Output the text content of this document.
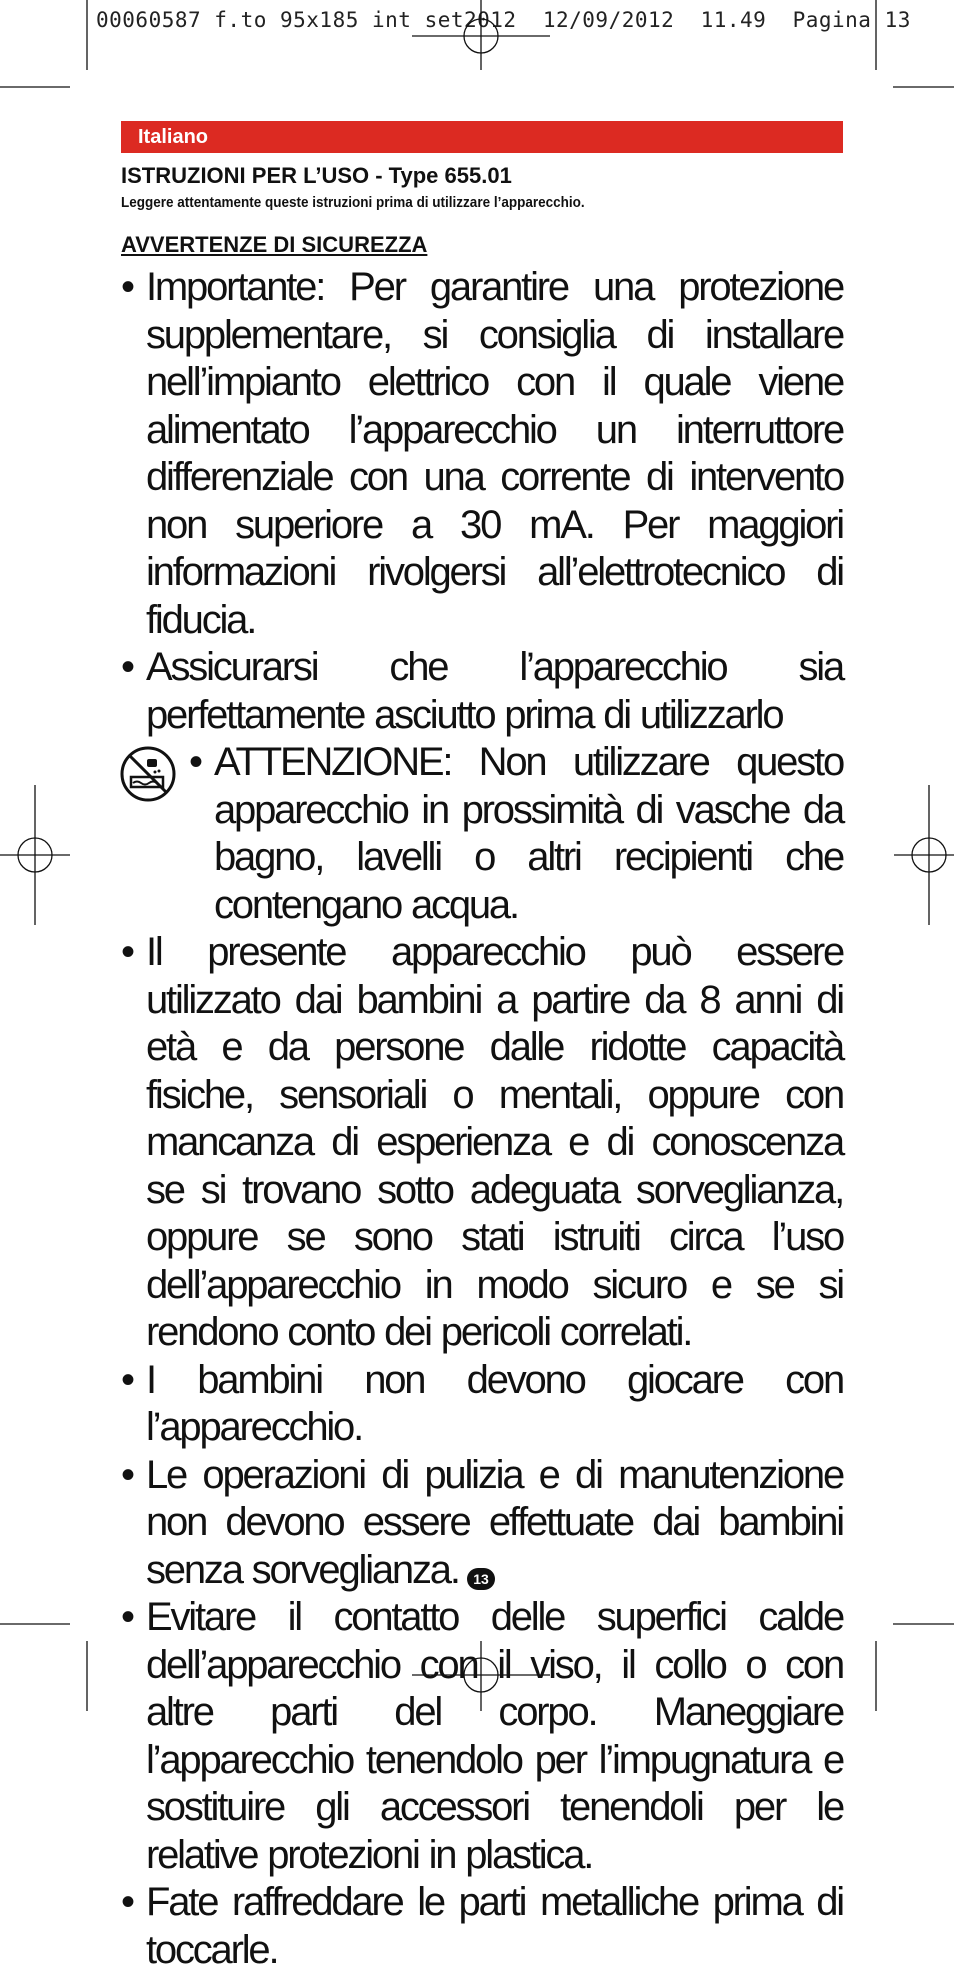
00060587 f.to 95x185 int set2012  12/09/2012  11.49  Pagina 13
Italiano
ISTRUZIONI PER L’USO - Type 655.01
Leggere attentamente queste istruzioni prima di utilizzare l’apparecchio.
AVVERTENZE DI SICUREZZA
• Importante: Per garantire una protezione supplementare, si consiglia di installare nell’impianto elettrico con il quale viene alimentato l’apparecchio un interruttore differenziale con una corrente di intervento non superiore a 30 mA. Per maggiori informazioni rivolgersi all’elettrotecnico di fiducia.
• Assicurarsi che l’apparecchio sia perfettamente asciutto prima di utilizzarlo
• ATTENZIONE: Non utilizzare questo apparecchio in prossimità di vasche da bagno, lavelli o altri recipienti che contengano acqua.
• Il presente apparecchio può essere utilizzato dai bambini a partire da 8 anni di età e da persone dalle ridotte capacità fisiche, sensoriali o mentali, oppure con mancanza di esperienza e di conoscenza se si trovano sotto adeguata sorveglianza, oppure se sono stati istruiti circa l’uso dell’apparecchio in modo sicuro e se si rendono conto dei pericoli correlati.
• I bambini non devono giocare con l’apparecchio.
• Le operazioni di pulizia e di manutenzione non devono essere effettuate dai bambini senza sorveglianza.
• Evitare il contatto delle superfici calde dell’apparecchio con il viso, il collo o con altre parti del corpo. Maneggiare l’apparecchio tenendolo per l’impugnatura e sostituire gli accessori tenendoli per le relative protezioni in plastica.
• Fate raffreddare le parti metalliche prima di toccarle.
13
